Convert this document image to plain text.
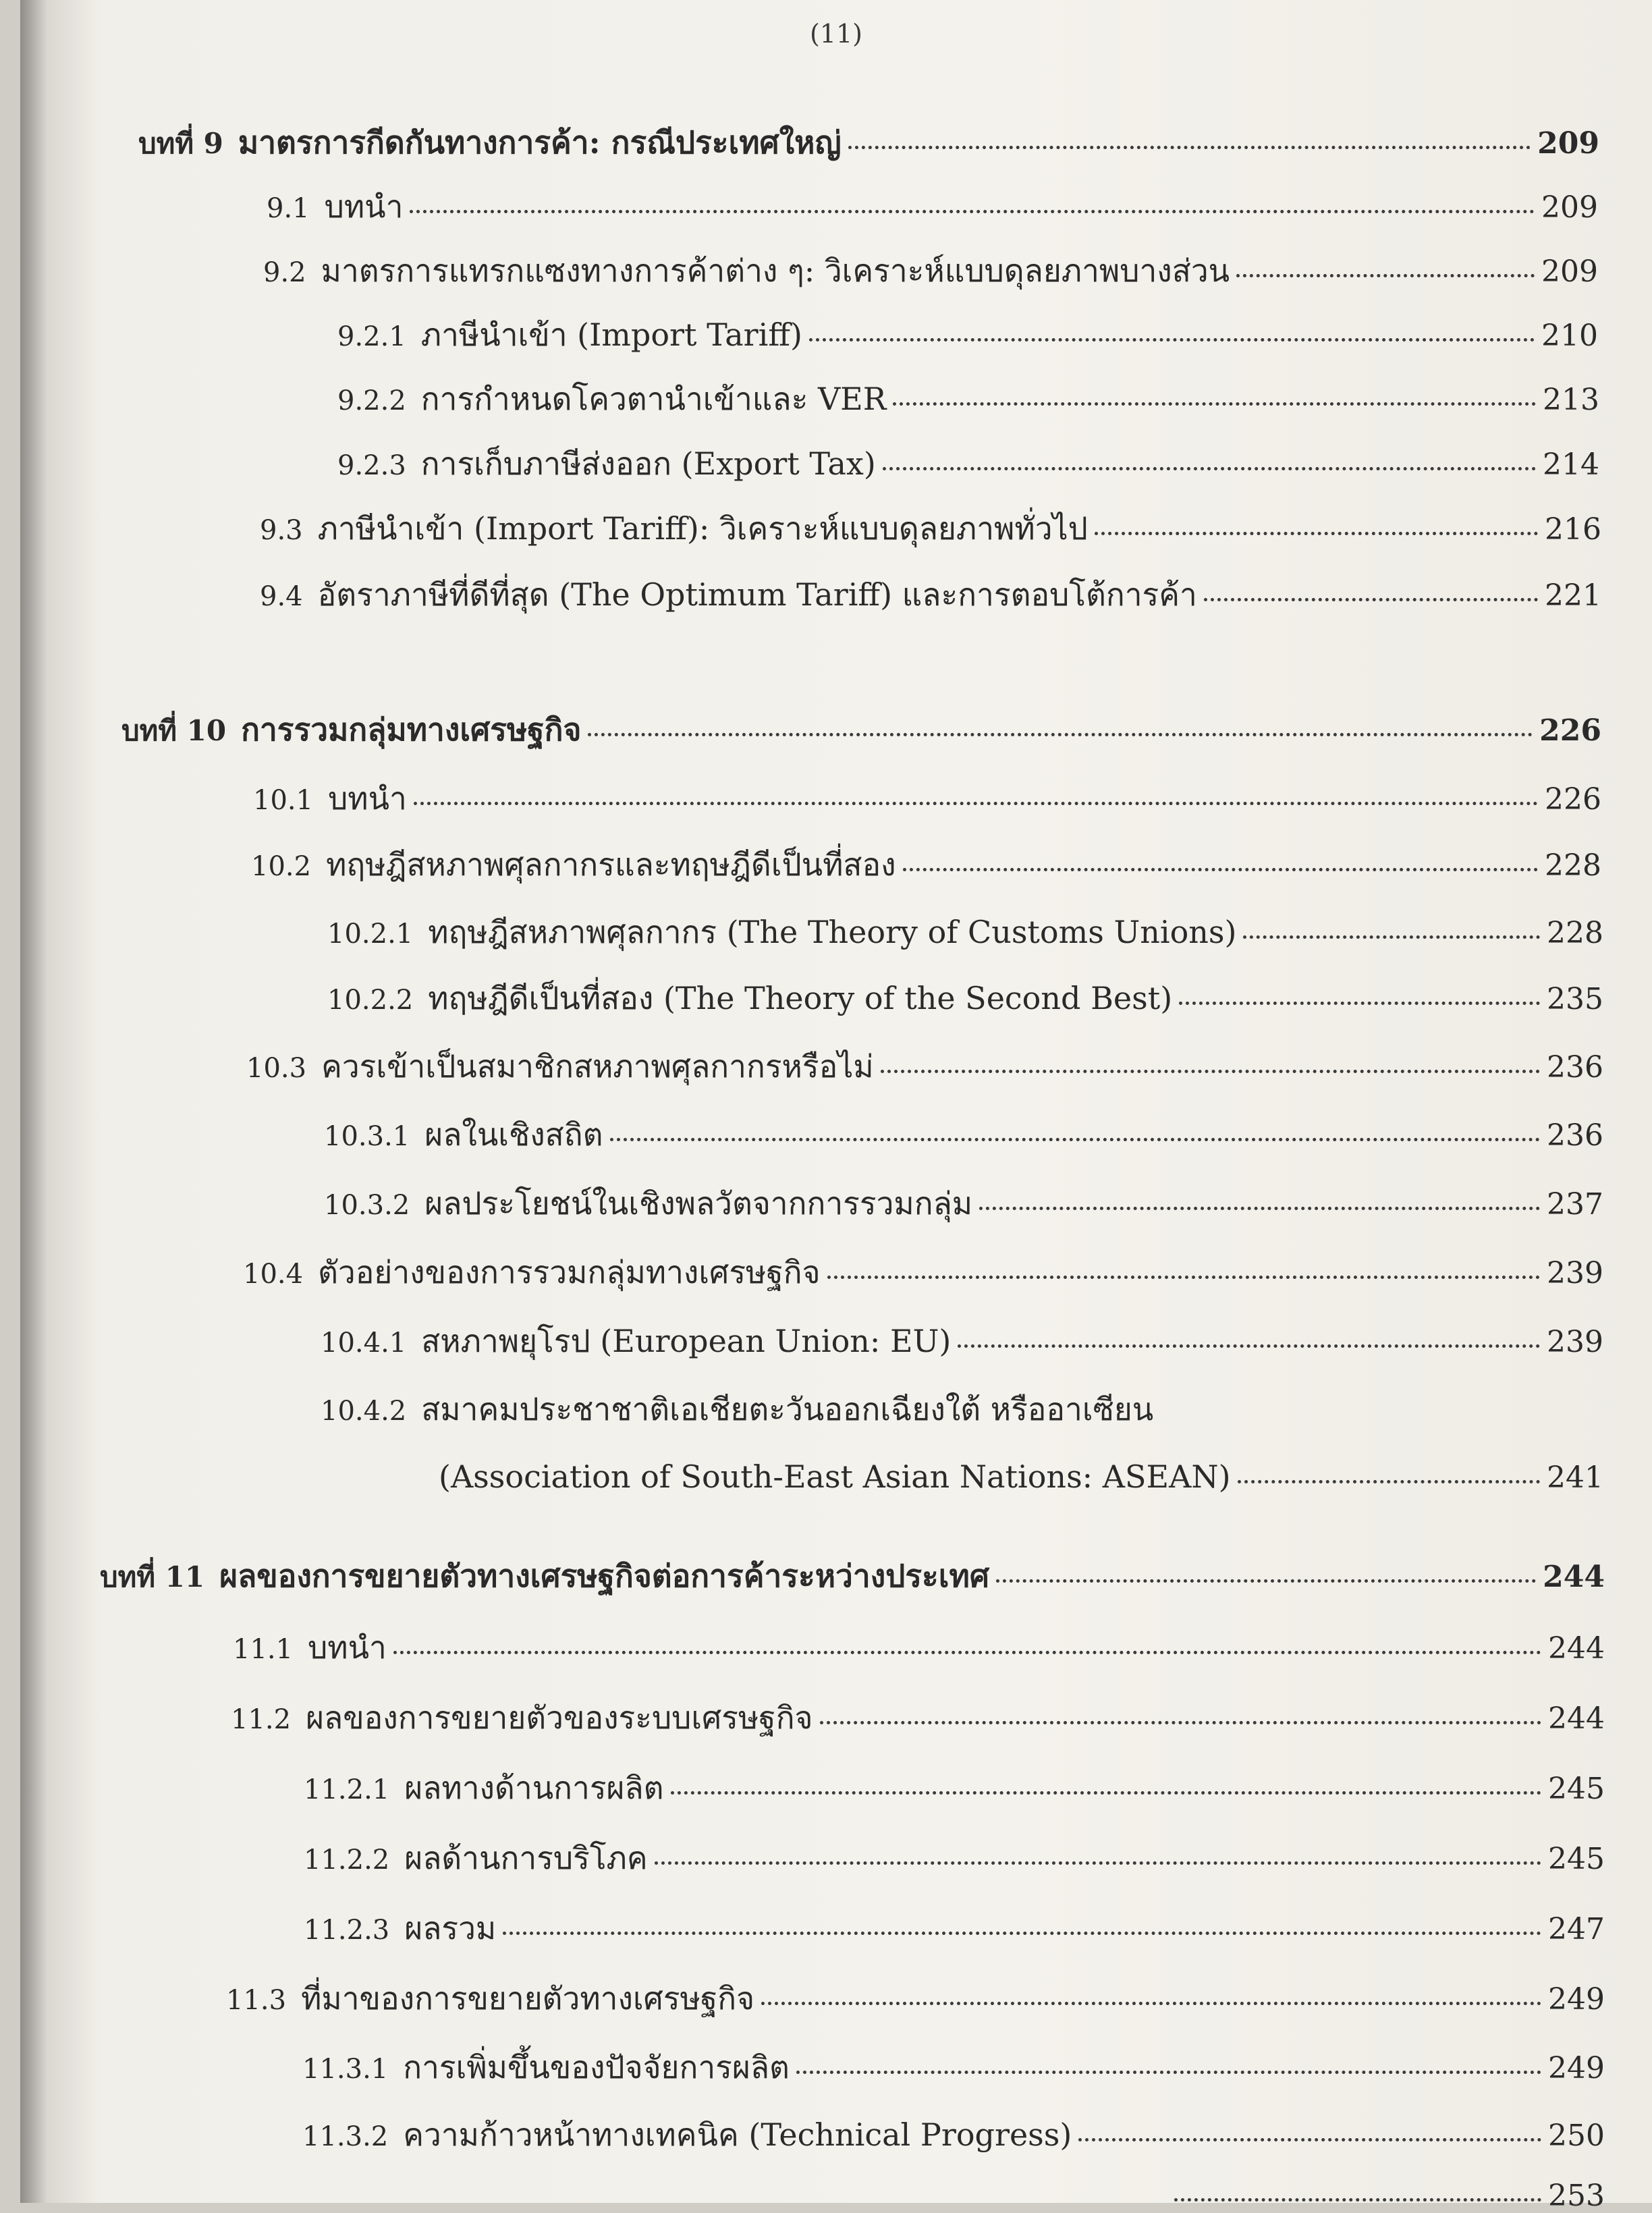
(11)
บทที่ 9 มาตรการกีดกันทางการค้า: กรณีประเทศใหญ่	209
9.1 บทนำ	209
9.2 มาตรการแทรกแซงทางการค้าต่าง ๆ: วิเคราะห์แบบดุลยภาพบางส่วน	209
9.2.1 ภาษีนำเข้า (Import Tariff)	210
9.2.2 การกำหนดโควตานำเข้าและ VER	213
9.2.3 การเก็บภาษีส่งออก (Export Tax)	214
9.3 ภาษีนำเข้า (Import Tariff): วิเคราะห์แบบดุลยภาพทั่วไป	216
9.4 อัตราภาษีที่ดีที่สุด (The Optimum Tariff) และการตอบโต้การค้า	221
บทที่ 10 การรวมกลุ่มทางเศรษฐกิจ	226
10.1 บทนำ	226
10.2 ทฤษฎีสหภาพศุลกากรและทฤษฎีดีเป็นที่สอง	228
10.2.1 ทฤษฎีสหภาพศุลกากร (The Theory of Customs Unions)	228
10.2.2 ทฤษฎีดีเป็นที่สอง (The Theory of the Second Best)	235
10.3 ควรเข้าเป็นสมาชิกสหภาพศุลกากรหรือไม่	236
10.3.1 ผลในเชิงสถิต	236
10.3.2 ผลประโยชน์ในเชิงพลวัตจากการรวมกลุ่ม	237
10.4 ตัวอย่างของการรวมกลุ่มทางเศรษฐกิจ	239
10.4.1 สหภาพยุโรป (European Union: EU)	239
10.4.2 สมาคมประชาชาติเอเชียตะวันออกเฉียงใต้ หรืออาเซียน
(Association of South-East Asian Nations: ASEAN)	241
บทที่ 11 ผลของการขยายตัวทางเศรษฐกิจต่อการค้าระหว่างประเทศ	244
11.1 บทนำ	244
11.2 ผลของการขยายตัวของระบบเศรษฐกิจ	244
11.2.1 ผลทางด้านการผลิต	245
11.2.2 ผลด้านการบริโภค	245
11.2.3 ผลรวม	247
11.3 ที่มาของการขยายตัวทางเศรษฐกิจ	249
11.3.1 การเพิ่มขึ้นของปัจจัยการผลิต	249
11.3.2 ความก้าวหน้าทางเทคนิค (Technical Progress)	250
253
